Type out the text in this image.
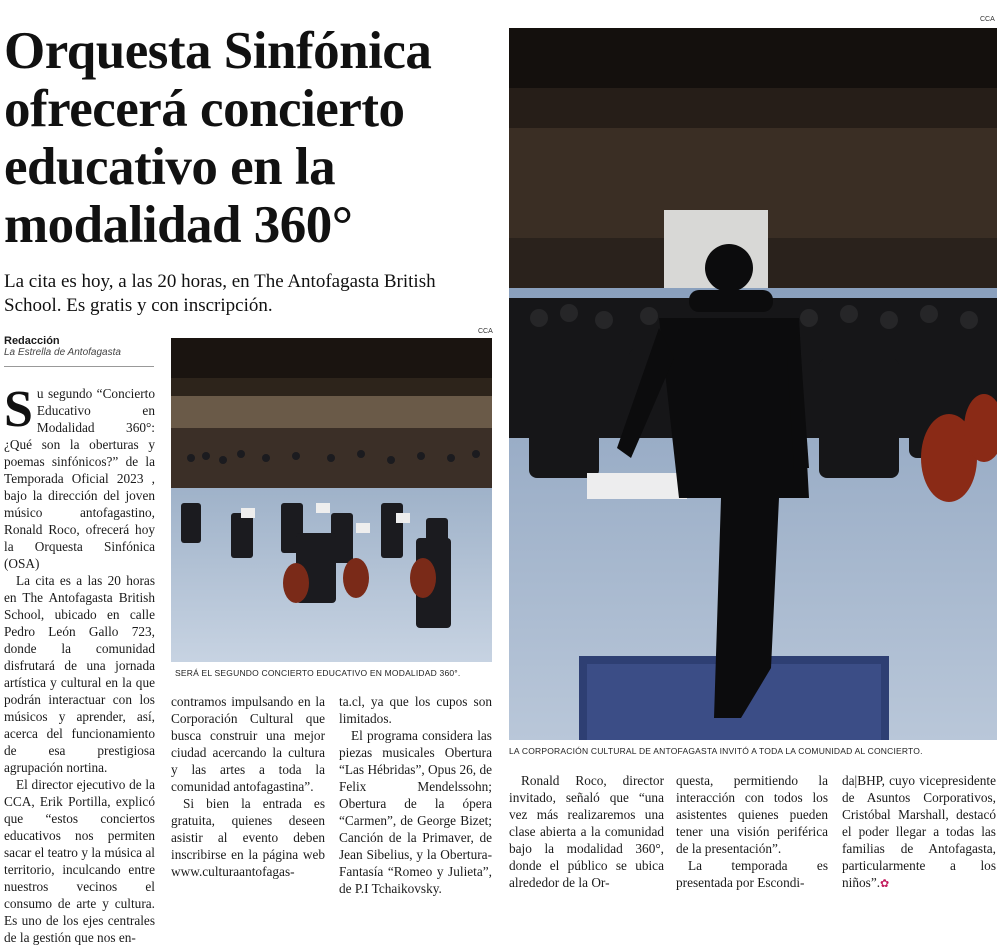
Orquesta Sinfónica ofrecerá concierto educativo en la modalidad 360°
La cita es hoy, a las 20 horas, en The Antofagasta British School. Es gratis y con inscripción.
Redacción
La Estrella de Antofagasta
CCA
CCA
SERÁ EL SEGUNDO CONCIERTO EDUCATIVO EN MODALIDAD 360°.
LA CORPORACIÓN CULTURAL DE ANTOFAGASTA INVITÓ A TODA LA COMUNIDAD AL CONCIERTO.

Su segundo “Concierto Educativo en Modalidad 360°: ¿Qué son la oberturas y poemas sinfónicos?” de la Temporada Oficial 2023 , bajo la dirección del joven músico antofagastino, Ronald Roco, ofrecerá hoy la Orquesta Sinfónica (OSA)

La cita es a las 20 horas en The Antofagasta British School, ubicado en calle Pedro León Gallo 723, donde la comunidad disfrutará de una jornada artística y cultural en la que podrán interactuar con los músicos y aprender, así, acerca del funcionamiento de esa prestigiosa agrupación nortina.

El director ejecutivo de la CCA, Erik Portilla, explicó que “estos conciertos educativos nos permiten sacar el teatro y la música al territorio, inculcando entre nuestros vecinos el consumo de arte y cultura. Es uno de los ejes centrales de la gestión que nos en-

contramos impulsando en la Corporación Cultural que busca construir una mejor ciudad acercando la cultura y las artes a toda la comunidad antofagastina”.

Si bien la entrada es gratuita, quienes deseen asistir al evento deben inscribirse en la página web www.culturaantofagas-

ta.cl, ya que los cupos son limitados.

El programa considera las piezas musicales Obertura “Las Hébridas”, Opus 26, de Felix Mendelssohn; Obertura de la ópera “Carmen”, de George Bizet; Canción de la Primaver, de Jean Sibelius, y la Obertura-Fantasía “Romeo y Julieta”, de P.I Tchaikovsky.

Ronald Roco, director invitado, señaló que “una vez más realizaremos una clase abierta a la comunidad bajo la modalidad 360°, donde el público se ubica alrededor de la Or-

questa, permitiendo la interacción con todos los asistentes quienes pueden tener una visión periférica de la presentación”.

La temporada es presentada por Escondi-

da|BHP, cuyo vicepresidente de Asuntos Corporativos, Cristóbal Marshall, destacó el poder llegar a todas las familias de Antofagasta, particularmente a los niños”.✿
